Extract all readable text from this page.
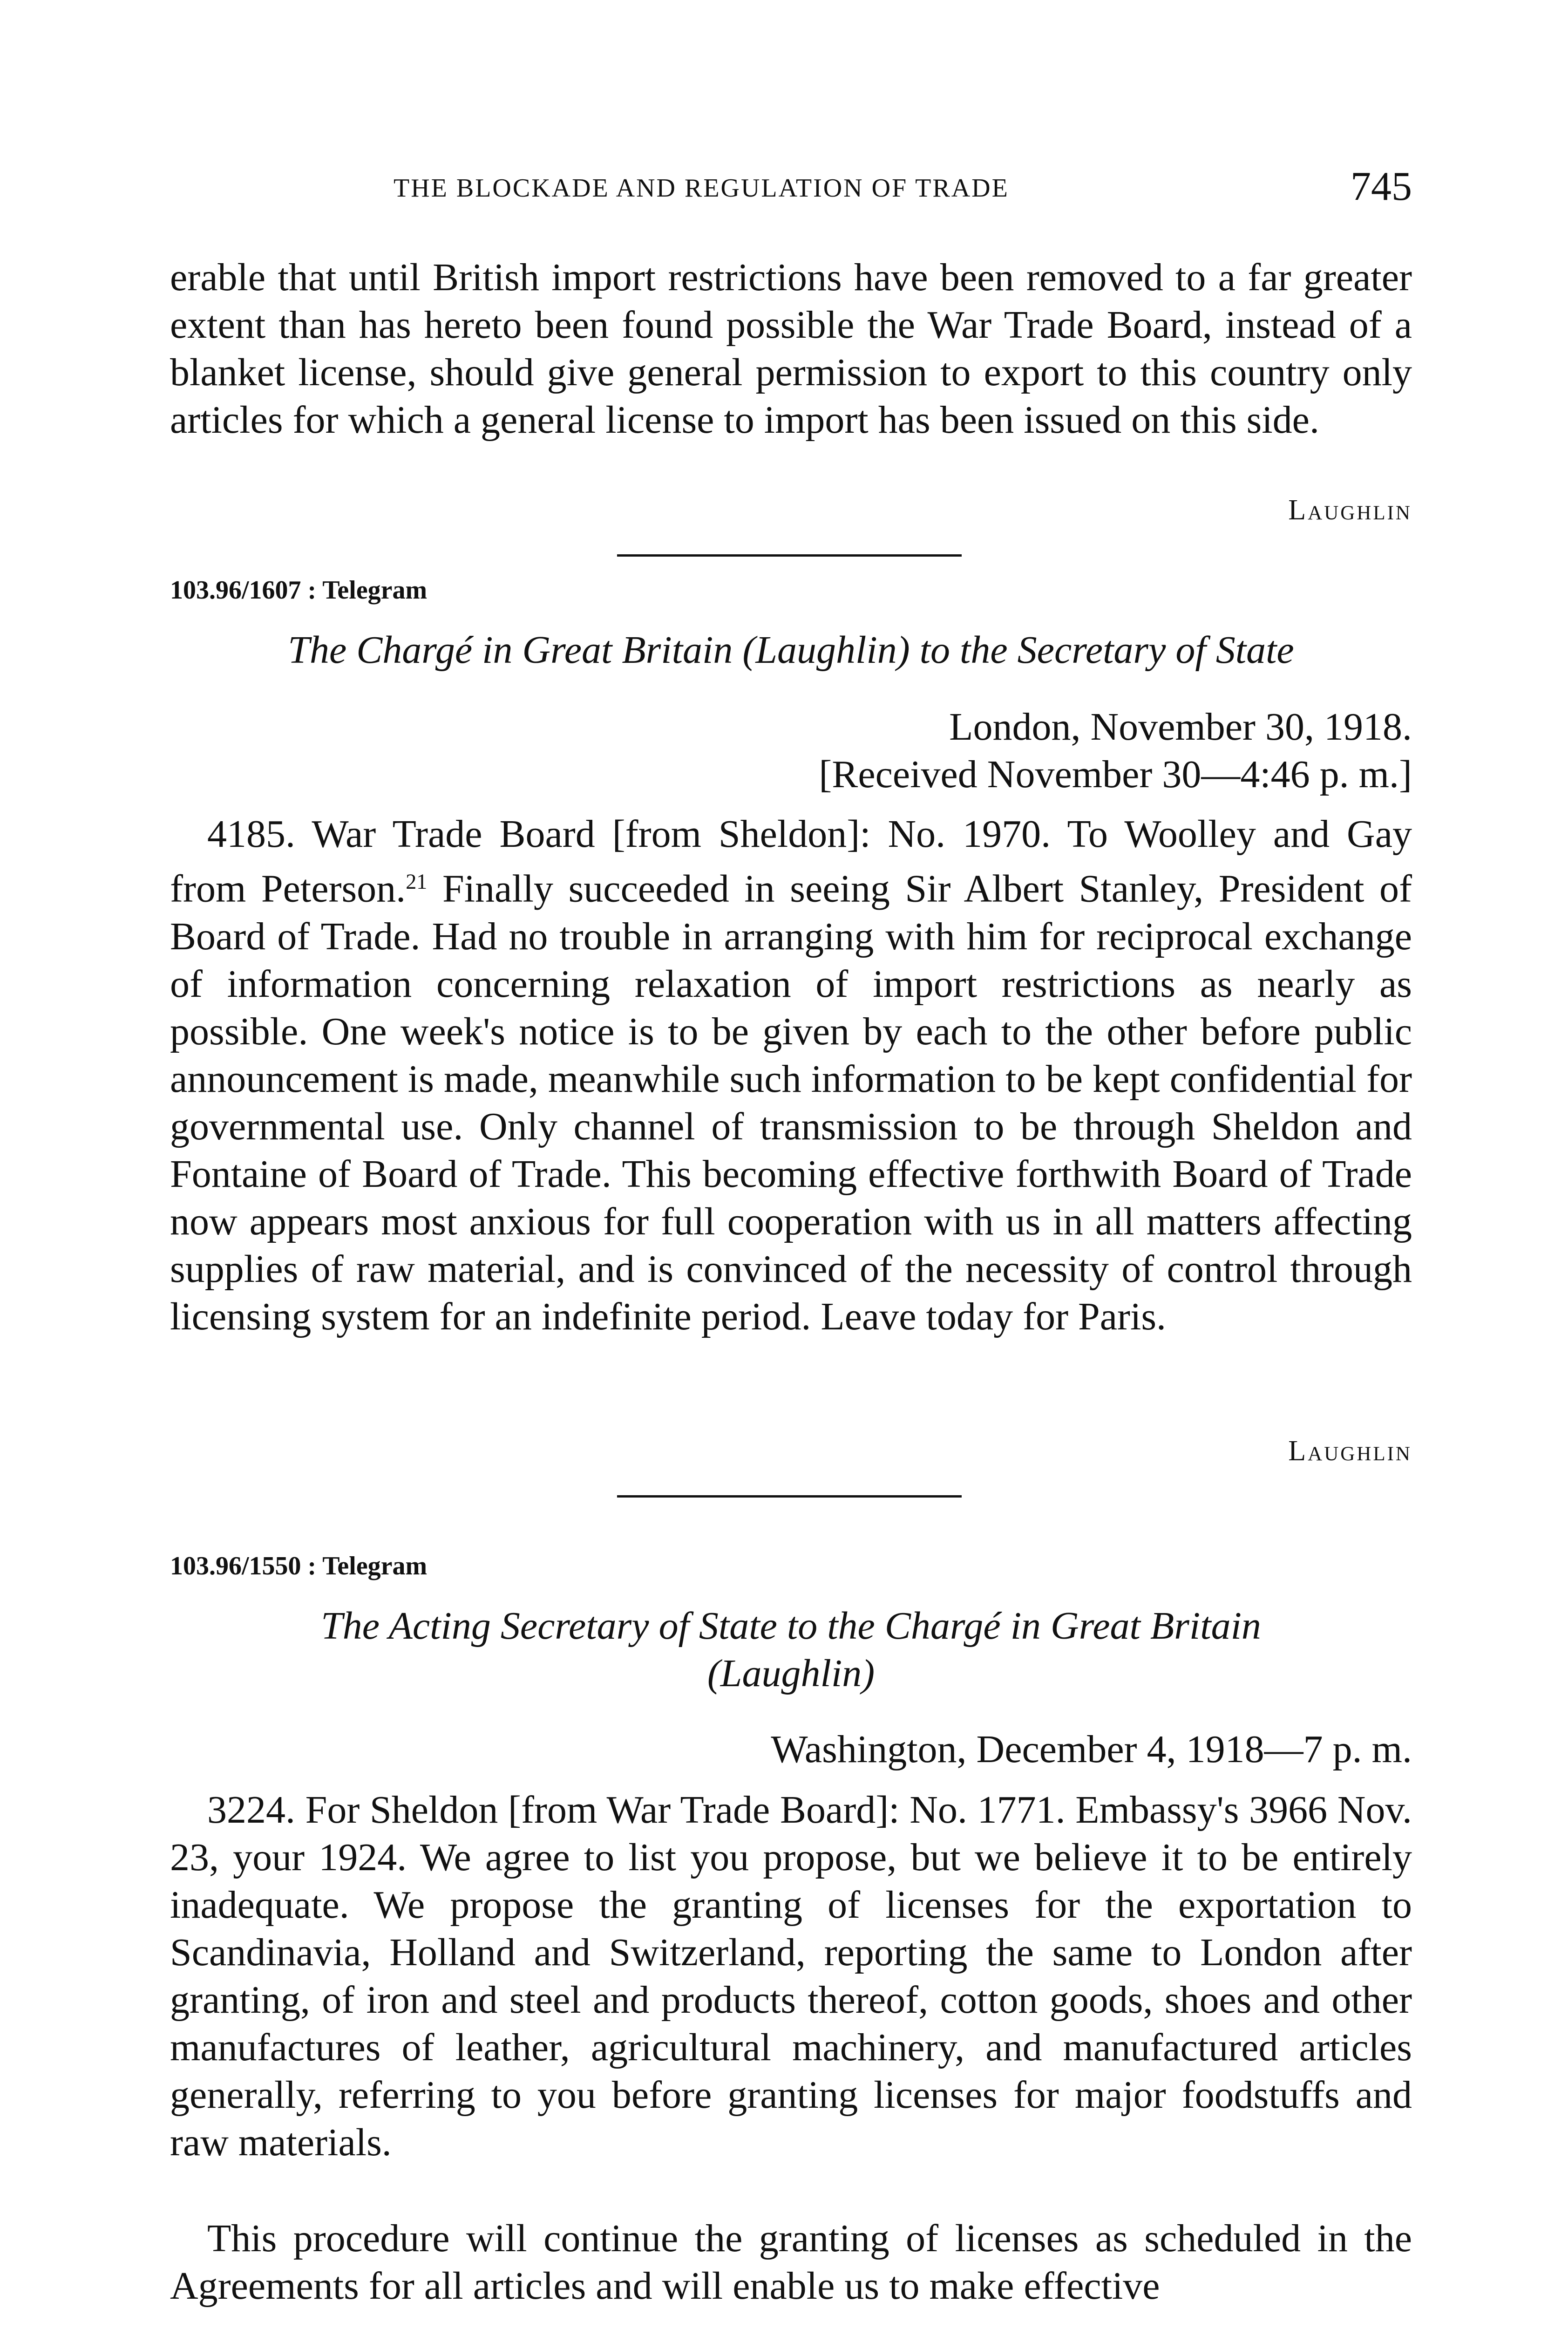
THE BLOCKADE AND REGULATION OF TRADE	745
erable that until British import restrictions have been removed to a far greater extent than has hereto been found possible the War Trade Board, instead of a blanket license, should give general permission to export to this country only articles for which a general license to import has been issued on this side.
Laughlin
103.96/1607 : Telegram
The Chargé in Great Britain (Laughlin) to the Secretary of State
London, November 30, 1918.
[Received November 30—4:46 p. m.]
4185. War Trade Board [from Sheldon]: No. 1970. To Woolley and Gay from Peterson.$^{21}$ Finally succeeded in seeing Sir Albert Stanley, President of Board of Trade. Had no trouble in arranging with him for reciprocal exchange of information concerning relaxation of import restrictions as nearly as possible. One week's notice is to be given by each to the other before public announcement is made, meanwhile such information to be kept confidential for governmental use. Only channel of transmission to be through Sheldon and Fontaine of Board of Trade. This becoming effective forthwith Board of Trade now appears most anxious for full cooperation with us in all matters affecting supplies of raw material, and is convinced of the necessity of control through licensing system for an indefinite period. Leave today for Paris.
Laughlin
103.96/1550 : Telegram
The Acting Secretary of State to the Chargé in Great Britain
(Laughlin)
Washington, December 4, 1918—7 p. m.
3224. For Sheldon [from War Trade Board]: No. 1771. Embassy's 3966 Nov. 23, your 1924. We agree to list you propose, but we believe it to be entirely inadequate. We propose the granting of licenses for the exportation to Scandinavia, Holland and Switzerland, reporting the same to London after granting, of iron and steel and products thereof, cotton goods, shoes and other manufactures of leather, agricultural machinery, and manufactured articles generally, referring to you before granting licenses for major foodstuffs and raw materials.
This procedure will continue the granting of licenses as scheduled in the Agreements for all articles and will enable us to make effective
